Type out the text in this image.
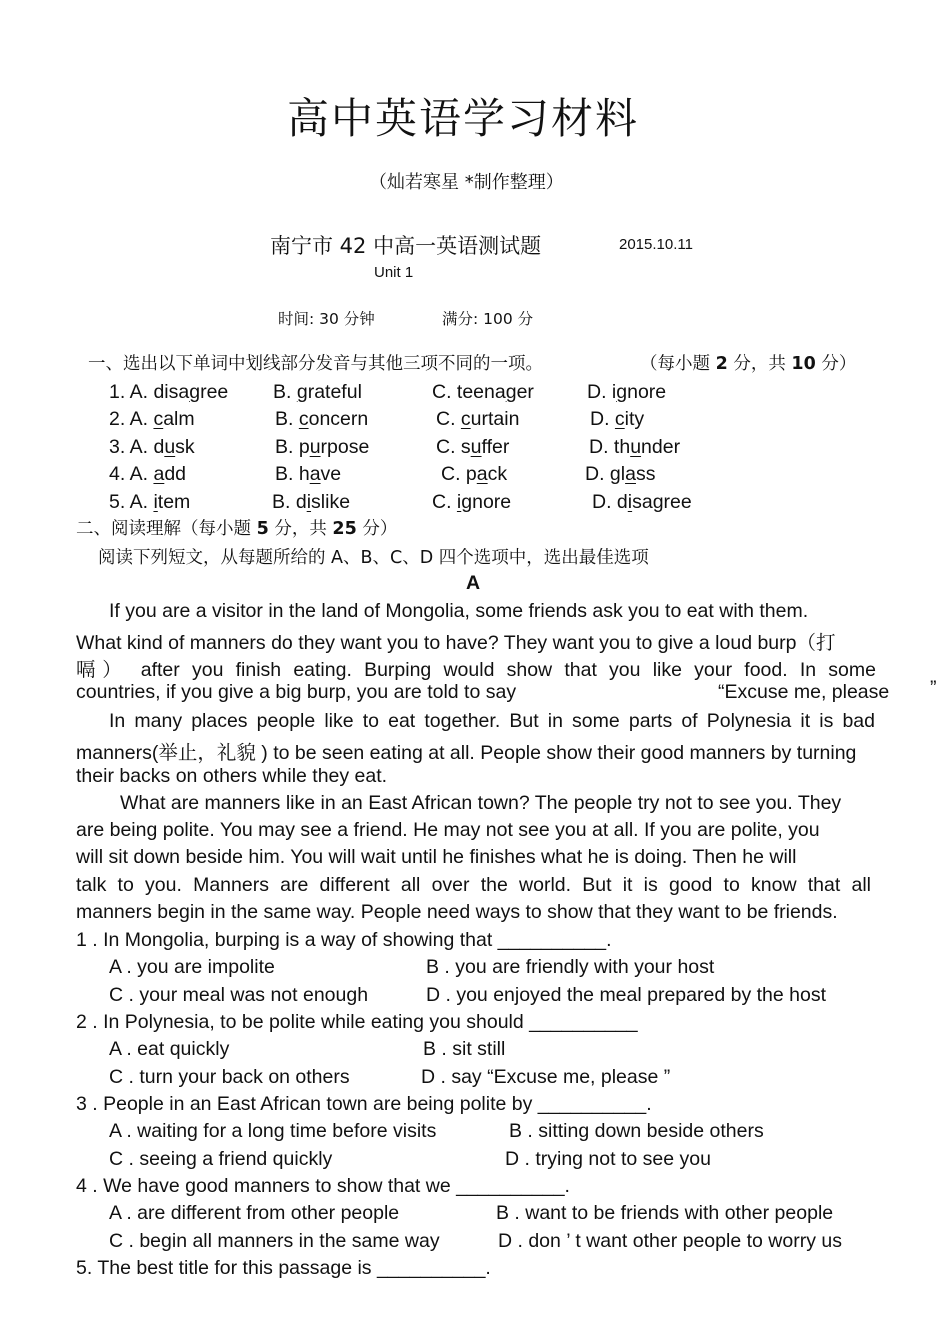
高中英语学习材料
（灿若寒星 *制作整理）
南宁市 42 中高一英语测试题	2015.10.11
Unit 1
时间: 30 分钟	满分: 100 分
一、选出以下单词中划线部分发音与其他三项不同的一项。	（每小题 2 分，共 10 分）
1. A. disagree B. grateful	C. teenager	D. ignore
2. A. calm	B. concern	C. curtain	D. city
3. A. dusk	B. purpose	C. suffer	D. thunder
4. A. add	B. have	C. pack	D. glass
5. A. item	B. dislike	C. ignore	D. disagree
二、阅读理解（每小题 5 分，共 25 分）
阅读下列短文，从每题所给的 A、B、C、D 四个选项中，选出最佳选项
A
If you are a visitor in the land of Mongolia, some friends ask you to eat with them.
What kind of manners do they want you to have? They want you to give a loud burp（打
嗝） after you finish eating. Burping would show that you like your food. In some
countries, if you give a big burp, you are told to say	“Excuse me, please ”
In many places people like to eat together. But in some parts of Polynesia it is bad
manners(举止，礼貌 ) to be seen eating at all. People show their good manners by turning
their backs on others while they eat.
What are manners like in an East African town? The people try not to see you. They
are being polite. You may see a friend. He may not see you at all. If you are polite, you
will sit down beside him. You will wait until he finishes what he is doing. Then he will
talk to you. Manners are different all over the world. But it is good to know that all
manners begin in the same way. People need ways to show that they want to be friends.
1 . In Mongolia, burping is a way of showing that __________.
A . you are impolite	B . you are friendly with your host
C . your meal was not enough	D . you enjoyed the meal prepared by the host
2 . In Polynesia, to be polite while eating you should __________
A . eat quickly	B . sit still
C . turn your back on others	D . say “Excuse me, please ”
3 . People in an East African town are being polite by __________.
A . waiting for a long time before visits	B . sitting down beside others
C . seeing a friend quickly	D . trying not to see you
4 . We have good manners to show that we __________.
A . are different from other people	B . want to be friends with other people
C . begin all manners in the same way	D . don ’ t want other people to worry us
5. The best title for this passage is __________.
